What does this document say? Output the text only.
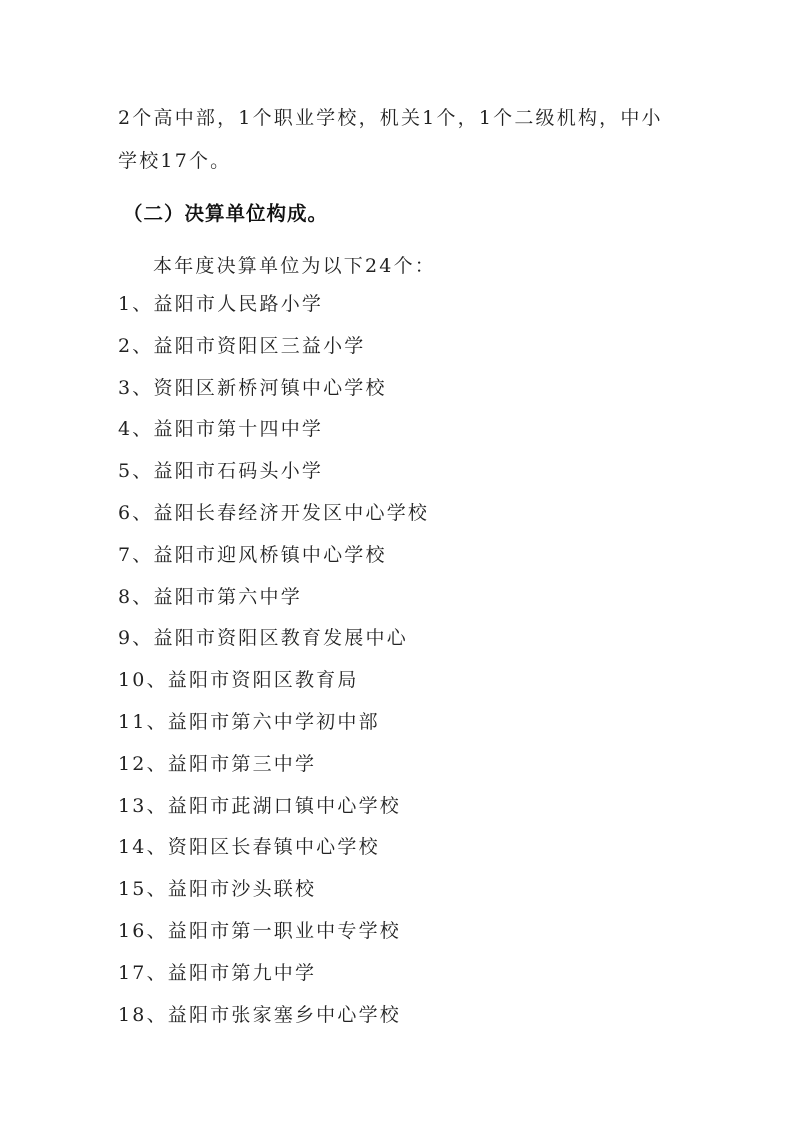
2个高中部，1个职业学校，机关1个，1个二级机构，中小
学校17个。
（二）决算单位构成。
本年度决算单位为以下24个：
1、益阳市人民路小学
2、益阳市资阳区三益小学
3、资阳区新桥河镇中心学校
4、益阳市第十四中学
5、益阳市石码头小学
6、益阳长春经济开发区中心学校
7、益阳市迎风桥镇中心学校
8、益阳市第六中学
9、益阳市资阳区教育发展中心
10、益阳市资阳区教育局
11、益阳市第六中学初中部
12、益阳市第三中学
13、益阳市茈湖口镇中心学校
14、资阳区长春镇中心学校
15、益阳市沙头联校
16、益阳市第一职业中专学校
17、益阳市第九中学
18、益阳市张家塞乡中心学校
